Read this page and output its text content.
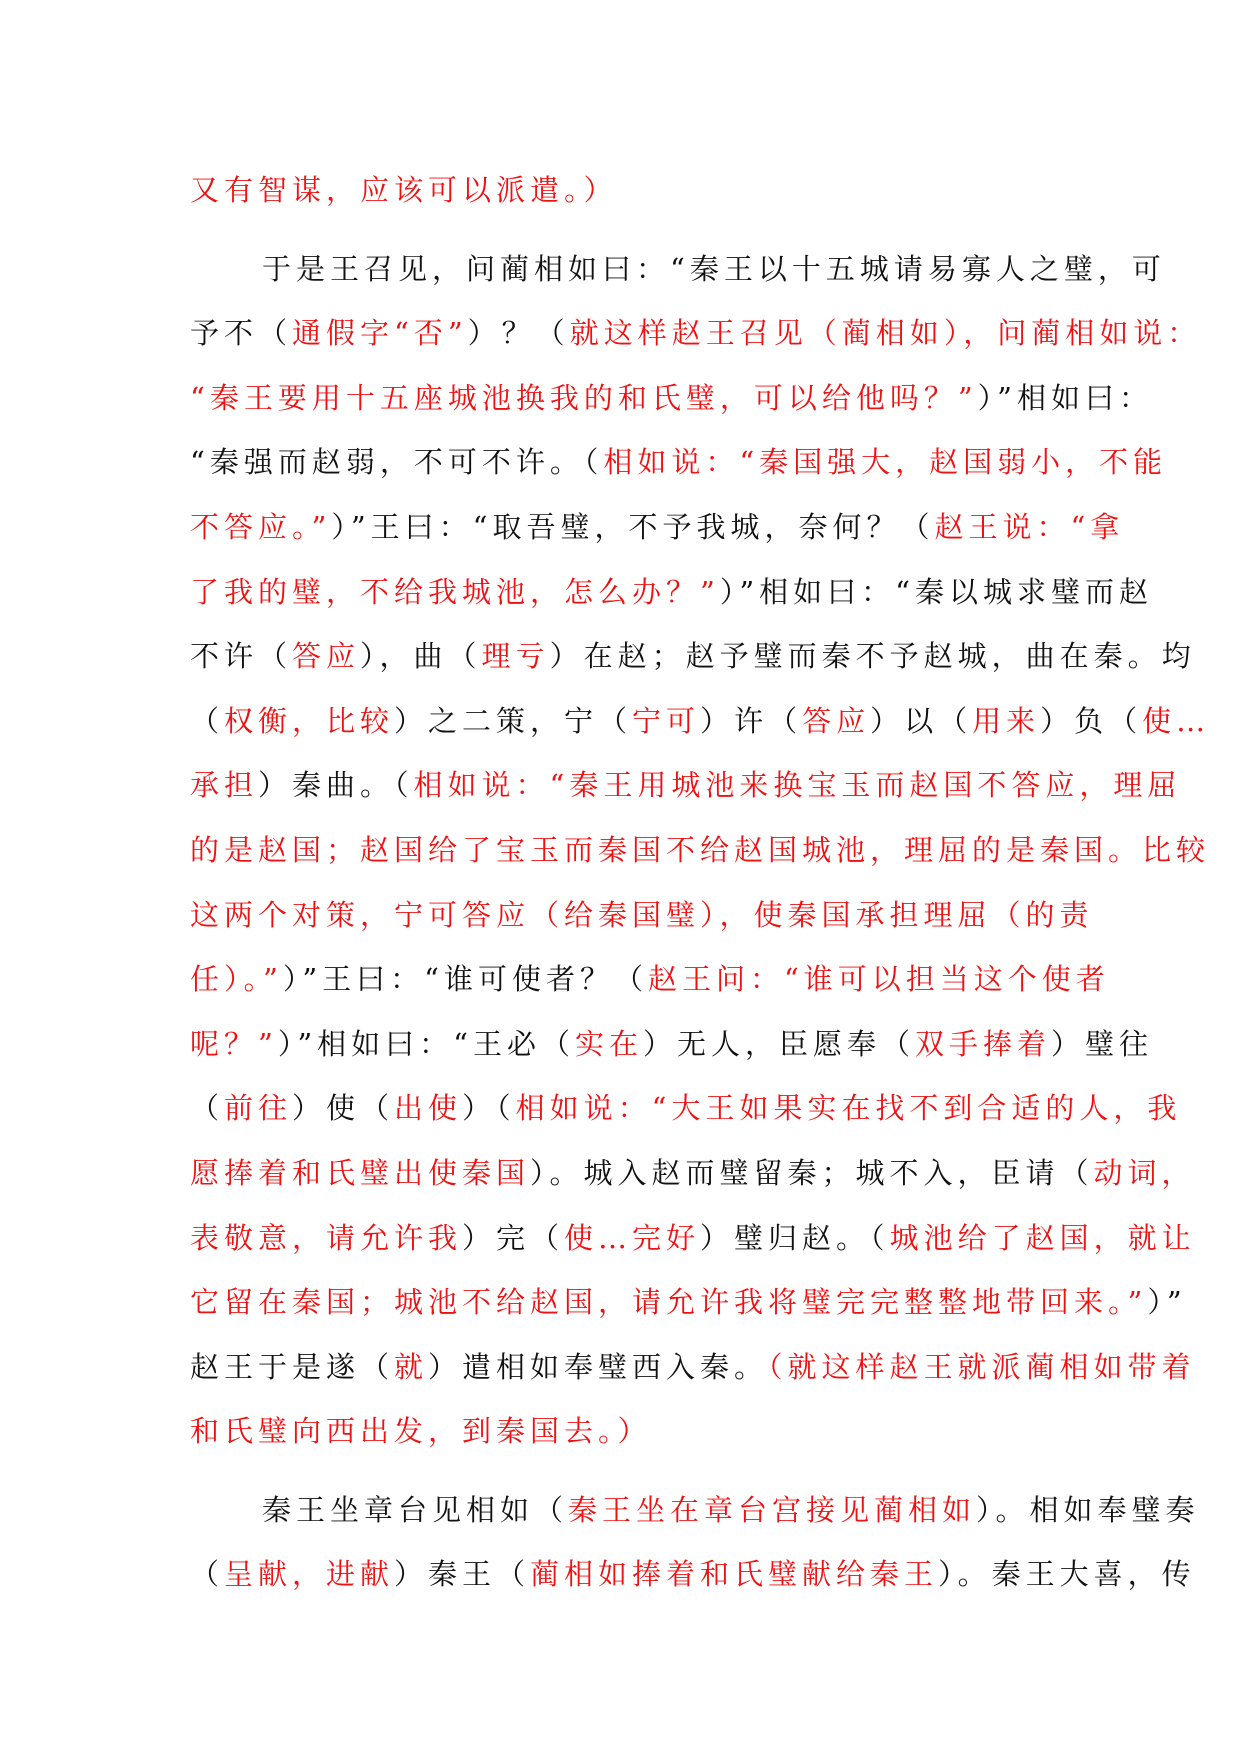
又有智谋，应该可以派遣。）
于是王召见，问蔺相如曰：“秦王以十五城请易寡人之璧，可
予不（通假字“否”）？（就这样赵王召见（蔺相如），问蔺相如说：
“秦王要用十五座城池换我的和氏璧，可以给他吗？”）”相如曰：
“秦强而赵弱，不可不许。（相如说：“秦国强大，赵国弱小，不能
不答应。”）”王曰：“取吾璧，不予我城，奈何？（赵王说：“拿
了我的璧，不给我城池，怎么办？”）”相如曰：“秦以城求璧而赵
不许（答应），曲（理亏）在赵；赵予璧而秦不予赵城，曲在秦。均
（权衡，比较）之二策，宁（宁可）许（答应）以（用来）负（使…
承担）秦曲。（相如说：“秦王用城池来换宝玉而赵国不答应，理屈
的是赵国；赵国给了宝玉而秦国不给赵国城池，理屈的是秦国。比较
这两个对策，宁可答应（给秦国璧），使秦国承担理屈（的责
任）。”）”王曰：“谁可使者？（赵王问：“谁可以担当这个使者
呢？”）”相如曰：“王必（实在）无人，臣愿奉（双手捧着）璧往
（前往）使（出使）（相如说：“大王如果实在找不到合适的人，我
愿捧着和氏璧出使秦国）。城入赵而璧留秦；城不入，臣请（动词，
表敬意，请允许我）完（使…完好）璧归赵。（城池给了赵国，就让
它留在秦国；城池不给赵国，请允许我将璧完完整整地带回来。”）”
赵王于是遂（就）遣相如奉璧西入秦。（就这样赵王就派蔺相如带着
和氏璧向西出发，到秦国去。）
秦王坐章台见相如（秦王坐在章台宫接见蔺相如）。相如奉璧奏
（呈献，进献）秦王（蔺相如捧着和氏璧献给秦王）。秦王大喜，传
